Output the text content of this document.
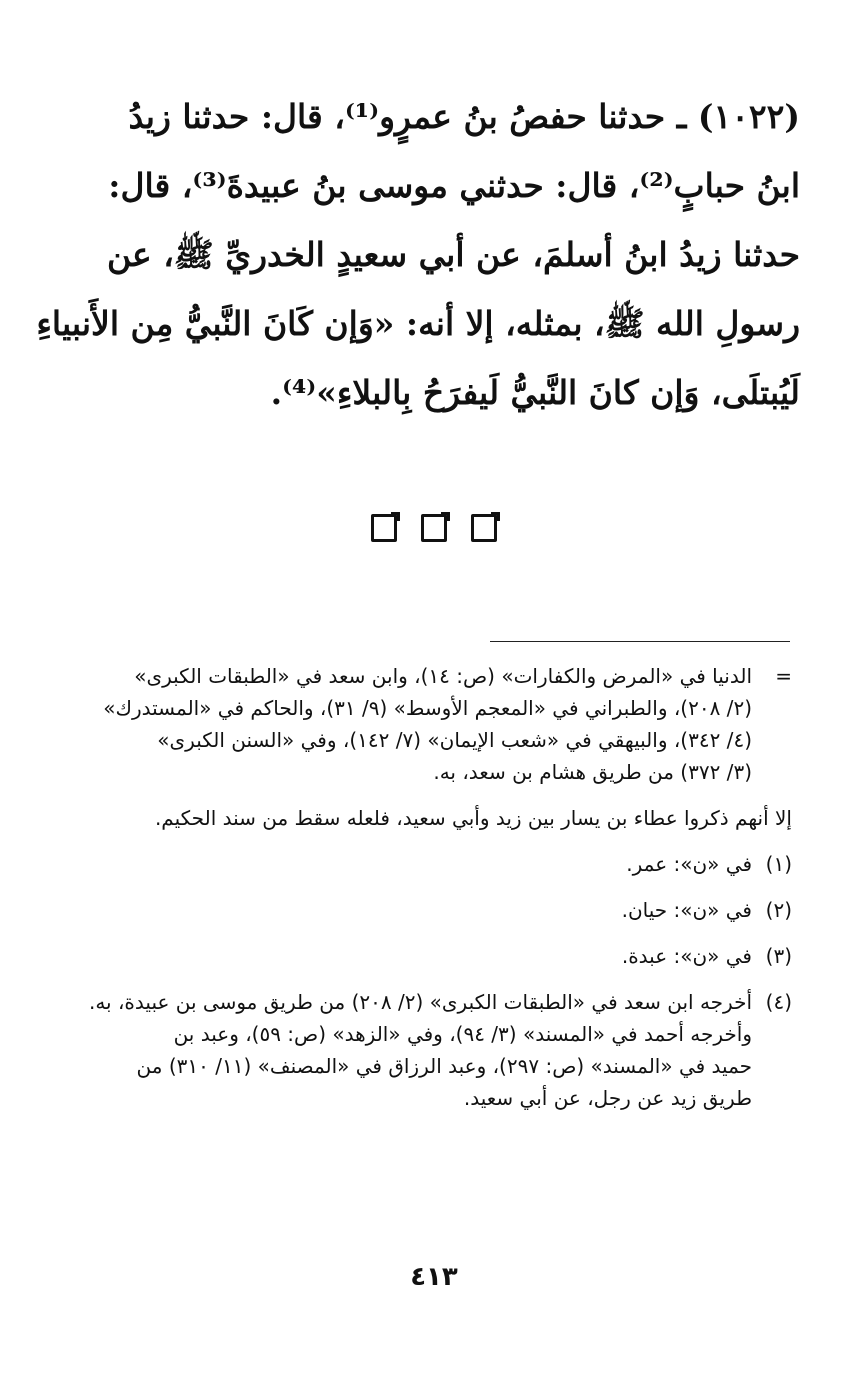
(١٠٢٢) ـ حدثنا حفصُ بنُ عمرٍو⁽¹⁾، قال: حدثنا زيدُ
ابنُ حبابٍ⁽²⁾، قال: حدثني موسى بنُ عبيدةَ⁽³⁾، قال:
حدثنا زيدُ ابنُ أسلمَ، عن أبي سعيدٍ الخدريِّ ﷺ، عن
رسولِ الله ﷺ، بمثله، إلا أنه: «وَإن كَانَ النَّبيُّ مِن الأَنبياءِ
لَيُبتلَى، وَإن كانَ النَّبيُّ لَيفرَحُ بِالبلاءِ»⁽⁴⁾.

=
الدنيا في «المرض والكفارات» (ص: ١٤)، وابن سعد في «الطبقات الكبرى»
(٢/ ٢٠٨)، والطبراني في «المعجم الأوسط» (٩/ ٣١)، والحاكم في «المستدرك»
(٤/ ٣٤٢)، والبيهقي في «شعب الإيمان» (٧/ ١٤٢)، وفي «السنن الكبرى»
(٣/ ٣٧٢) من طريق هشام بن سعد، به.
إلا أنهم ذكروا عطاء بن يسار بين زيد وأبي سعيد، فلعله سقط من سند الحكيم.
(١)
في «ن»: عمر.
(٢)
في «ن»: حيان.
(٣)
في «ن»: عبدة.
(٤)
أخرجه ابن سعد في «الطبقات الكبرى» (٢/ ٢٠٨) من طريق موسى بن عبيدة، به.
وأخرجه أحمد في «المسند» (٣/ ٩٤)، وفي «الزهد» (ص: ٥٩)، وعبد بن
حميد في «المسند» (ص: ٢٩٧)، وعبد الرزاق في «المصنف» (١١/ ٣١٠) من
طريق زيد عن رجل، عن أبي سعيد.
٤١٣
